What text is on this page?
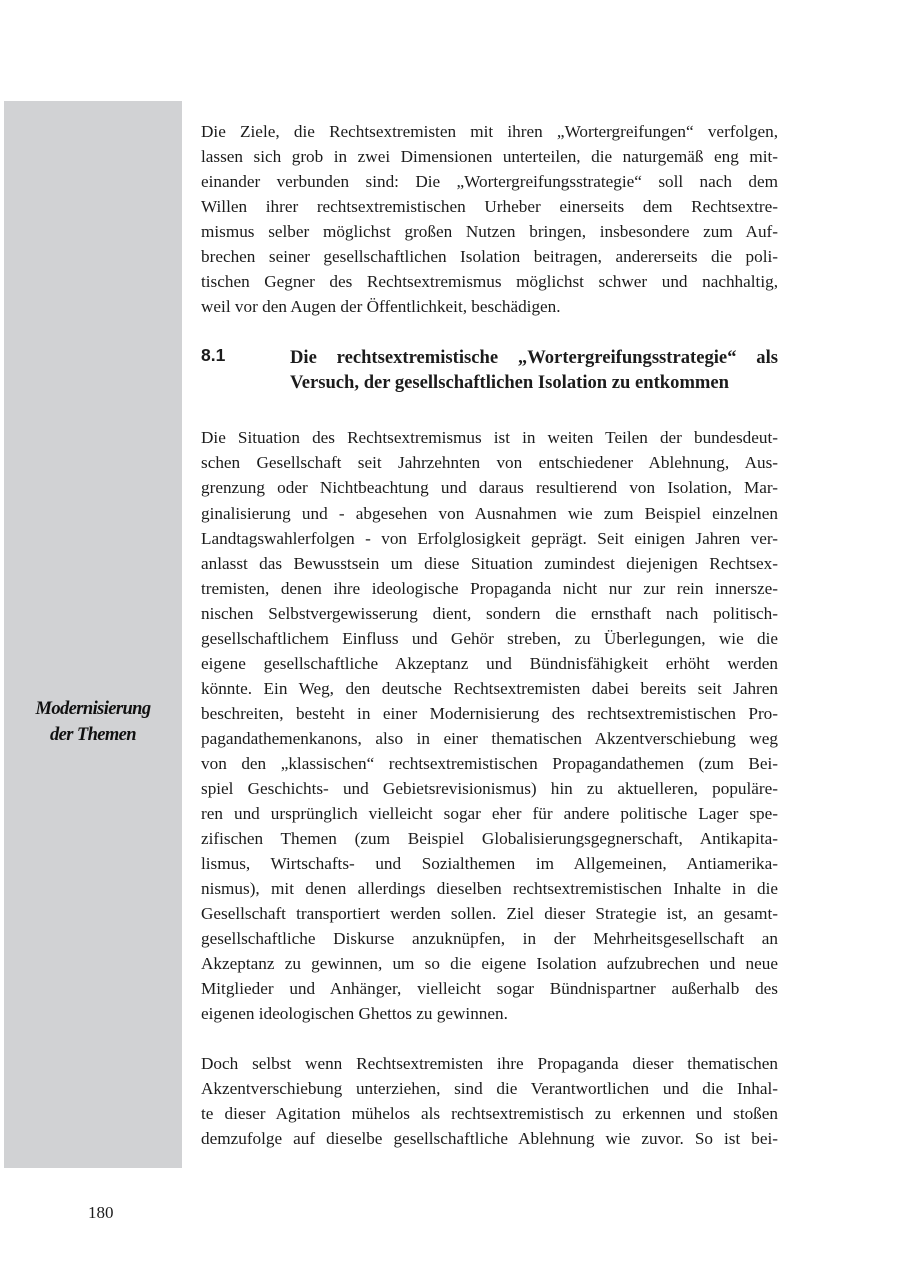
Modernisierung
der Themen

Die Ziele, die Rechtsextremisten mit ihren „Wortergreifungen“ verfolgen,
lassen sich grob in zwei Dimensionen unterteilen, die naturgemäß eng mit-
einander verbunden sind: Die „Wortergreifungsstrategie“ soll nach dem
Willen ihrer rechtsextremistischen Urheber einerseits dem Rechtsextre-
mismus selber möglichst großen Nutzen bringen, insbesondere zum Auf-
brechen seiner gesellschaftlichen Isolation beitragen, andererseits die poli-
tischen Gegner des Rechtsextremismus möglichst schwer und nachhaltig,
weil vor den Augen der Öffentlichkeit, beschädigen.

8.1	Die rechtsextremistische „Wortergreifungsstrategie“ als
Versuch, der gesellschaftlichen Isolation zu entkommen

Die Situation des Rechtsextremismus ist in weiten Teilen der bundesdeut-
schen Gesellschaft seit Jahrzehnten von entschiedener Ablehnung, Aus-
grenzung oder Nichtbeachtung und daraus resultierend von Isolation, Mar-
ginalisierung und - abgesehen von Ausnahmen wie zum Beispiel einzelnen
Landtagswahlerfolgen - von Erfolglosigkeit geprägt. Seit einigen Jahren ver-
anlasst das Bewusstsein um diese Situation zumindest diejenigen Rechtsex-
tremisten, denen ihre ideologische Propaganda nicht nur zur rein innersze-
nischen Selbstvergewisserung dient, sondern die ernsthaft nach politisch-
gesellschaftlichem Einfluss und Gehör streben, zu Überlegungen, wie die
eigene gesellschaftliche Akzeptanz und Bündnisfähigkeit erhöht werden
könnte. Ein Weg, den deutsche Rechtsextremisten dabei bereits seit Jahren
beschreiten, besteht in einer Modernisierung des rechtsextremistischen Pro-
pagandathemenkanons, also in einer thematischen Akzentverschiebung weg
von den „klassischen“ rechtsextremistischen Propagandathemen (zum Bei-
spiel Geschichts- und Gebietsrevisionismus) hin zu aktuelleren, populäre-
ren und ursprünglich vielleicht sogar eher für andere politische Lager spe-
zifischen Themen (zum Beispiel Globalisierungsgegnerschaft, Antikapita-
lismus, Wirtschafts- und Sozialthemen im Allgemeinen, Antiamerika-
nismus), mit denen allerdings dieselben rechtsextremistischen Inhalte in die
Gesellschaft transportiert werden sollen. Ziel dieser Strategie ist, an gesamt-
gesellschaftliche Diskurse anzuknüpfen, in der Mehrheitsgesellschaft an
Akzeptanz zu gewinnen, um so die eigene Isolation aufzubrechen und neue
Mitglieder und Anhänger, vielleicht sogar Bündnispartner außerhalb des
eigenen ideologischen Ghettos zu gewinnen.

Doch selbst wenn Rechtsextremisten ihre Propaganda dieser thematischen
Akzentverschiebung unterziehen, sind die Verantwortlichen und die Inhal-
te dieser Agitation mühelos als rechtsextremistisch zu erkennen und stoßen
demzufolge auf dieselbe gesellschaftliche Ablehnung wie zuvor. So ist bei-

180
